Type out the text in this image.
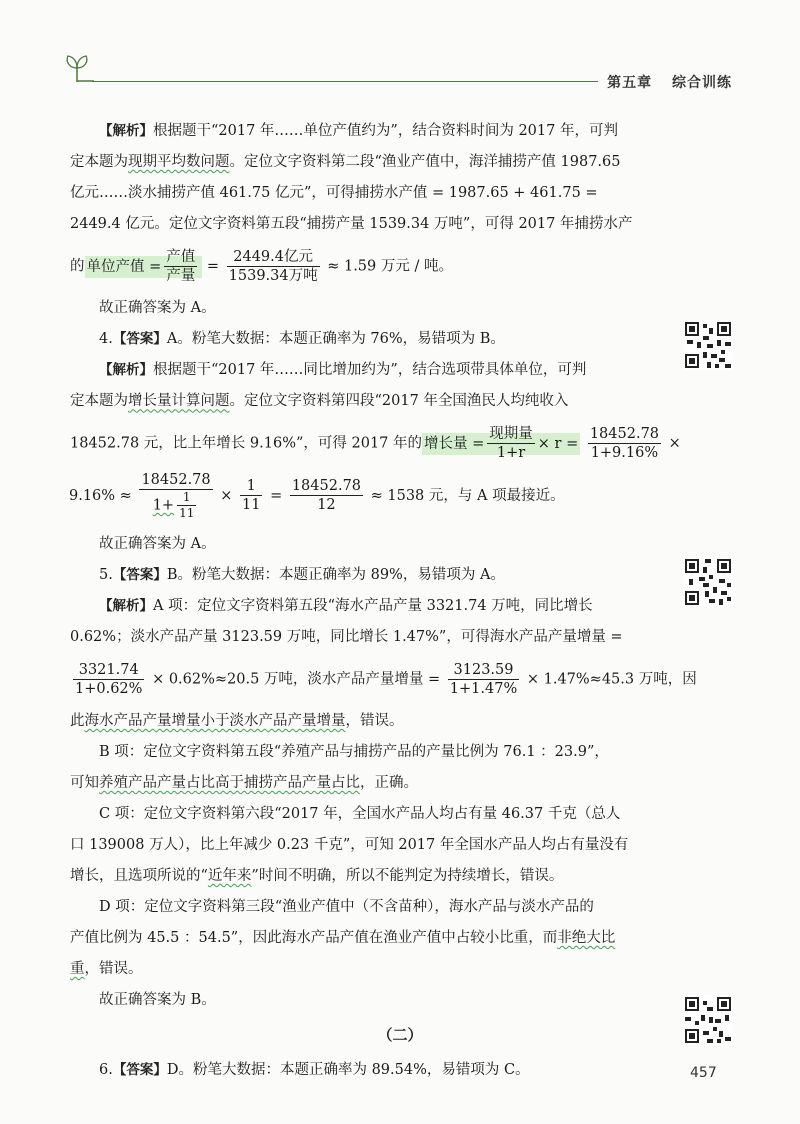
第五章 综合训练

【解析】根据题干“2017 年……单位产值约为”，结合资料时间为 2017 年，可判

定本题为现期平均数问题。定位文字资料第二段“渔业产值中，海洋捕捞产值 1987.65

亿元……淡水捕捞产值 461.75 亿元”，可得捕捞水产值 = 1987.65 + 461.75 =

2449.4 亿元。定位文字资料第五段“捕捞产量 1539.34 万吨”，可得 2017 年捕捞水产

的 单位产值 = $\frac{\text{产值}}{\text{产量}} = \frac{\text{2449.4亿元}}{\text{1539.34万吨}} \approx 1.59$ 万元 / 吨。

故正确答案为 A。

4.【答案】A。粉笔大数据：本题正确率为 76%，易错项为 B。

【解析】根据题干“2017 年……同比增加约为”，结合选项带具体单位，可判

定本题为增长量计算问题。定位文字资料第四段“2017 年全国渔民人均纯收入

18452.78 元，比上年增长 9.16%”，可得 2017 年的 增长量 = $\frac{\text{现期量}}{1+r} \times r = \frac{18452.78}{1+9.16\%}$ ×

$9.16\% \approx \frac{18452.78}{1+ \frac{1}{11}} \times \frac{1}{11} = \frac{18452.78}{12} \approx 1538$ 元，与 A 项最接近。

故正确答案为 A。

5.【答案】B。粉笔大数据：本题正确率为 89%，易错项为 A。

【解析】A 项：定位文字资料第五段“海水产品产量 3321.74 万吨，同比增长

0.62%；淡水产品产量 3123.59 万吨，同比增长 1.47%”，可得海水产品产量增量 =

$\frac{3321.74}{1+0.62\%} \times 0.62\%\approx 20.5$ 万吨，淡水产品产量增量 = $\frac{3123.59}{1+1.47\%} \times 1.47\%\approx 45.3$ 万吨，因

此海水产品产量增量小于淡水产品产量增量，错误。

B 项：定位文字资料第五段“养殖产品与捕捞产品的产量比例为 76.1 ：23.9”，

可知养殖产品产量占比高于捕捞产品产量占比，正确。

C 项：定位文字资料第六段“2017 年，全国水产品人均占有量 46.37 千克（总人

口 139008 万人），比上年减少 0.23 千克”，可知 2017 年全国水产品人均占有量没有

增长，且选项所说的“近年来”时间不明确，所以不能判定为持续增长，错误。

D 项：定位文字资料第三段“渔业产值中（不含苗种），海水产品与淡水产品的

产值比例为 45.5 ：54.5”，因此海水产品产值在渔业产值中占较小比重，而非绝大比

重，错误。

故正确答案为 B。

（二）

6.【答案】D。粉笔大数据：本题正确率为 89.54%，易错项为 C。	457
